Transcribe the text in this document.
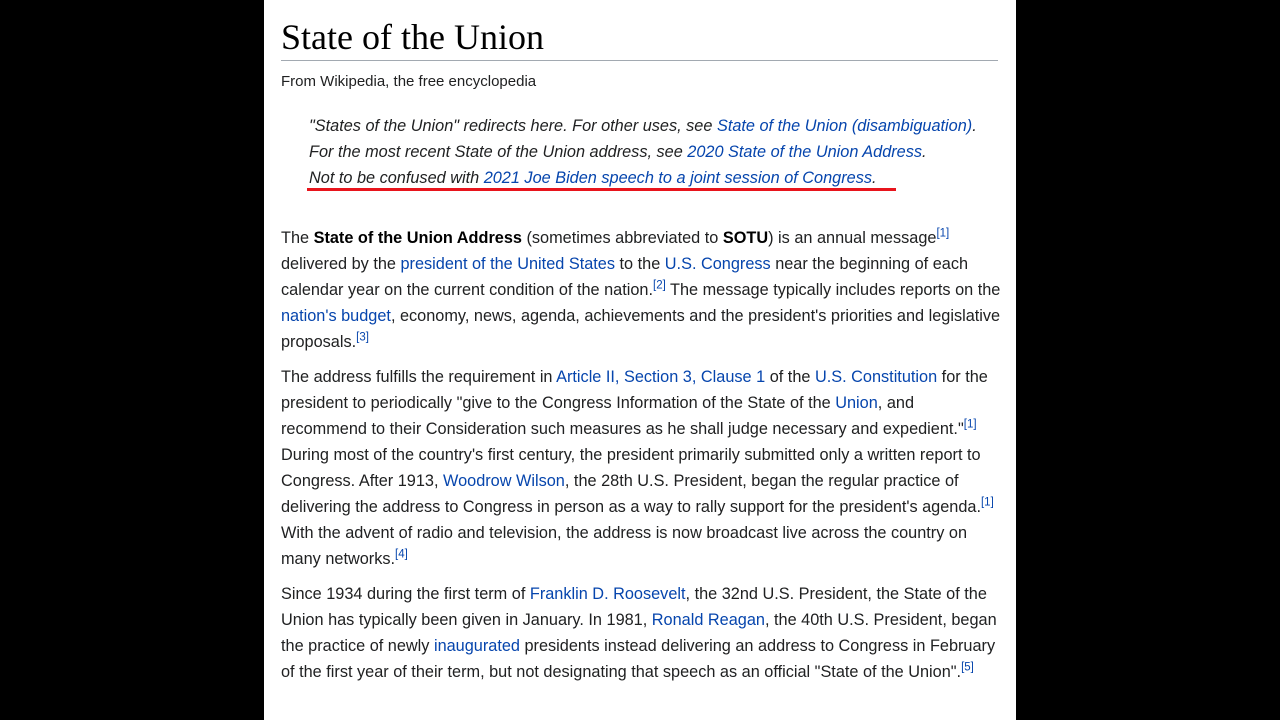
State of the Union
From Wikipedia, the free encyclopedia
"States of the Union" redirects here. For other uses, see State of the Union (disambiguation).
For the most recent State of the Union address, see 2020 State of the Union Address.
Not to be confused with 2021 Joe Biden speech to a joint session of Congress.

The State of the Union Address (sometimes abbreviated to SOTU) is an annual message[1] delivered by the president of the United States to the U.S. Congress near the beginning of each calendar year on the current condition of the nation.[2] The message typically includes reports on the nation's budget, economy, news, agenda, achievements and the president's priorities and legislative proposals.[3]

The address fulfills the requirement in Article II, Section 3, Clause 1 of the U.S. Constitution for the president to periodically "give to the Congress Information of the State of the Union, and recommend to their Consideration such measures as he shall judge necessary and expedient."[1] During most of the country's first century, the president primarily submitted only a written report to Congress. After 1913, Woodrow Wilson, the 28th U.S. President, began the regular practice of delivering the address to Congress in person as a way to rally support for the president's agenda.[1] With the advent of radio and television, the address is now broadcast live across the country on many networks.[4]

Since 1934 during the first term of Franklin D. Roosevelt, the 32nd U.S. President, the State of the Union has typically been given in January. In 1981, Ronald Reagan, the 40th U.S. President, began the practice of newly inaugurated presidents instead delivering an address to Congress in February of the first year of their term, but not designating that speech as an official "State of the Union".[5]
